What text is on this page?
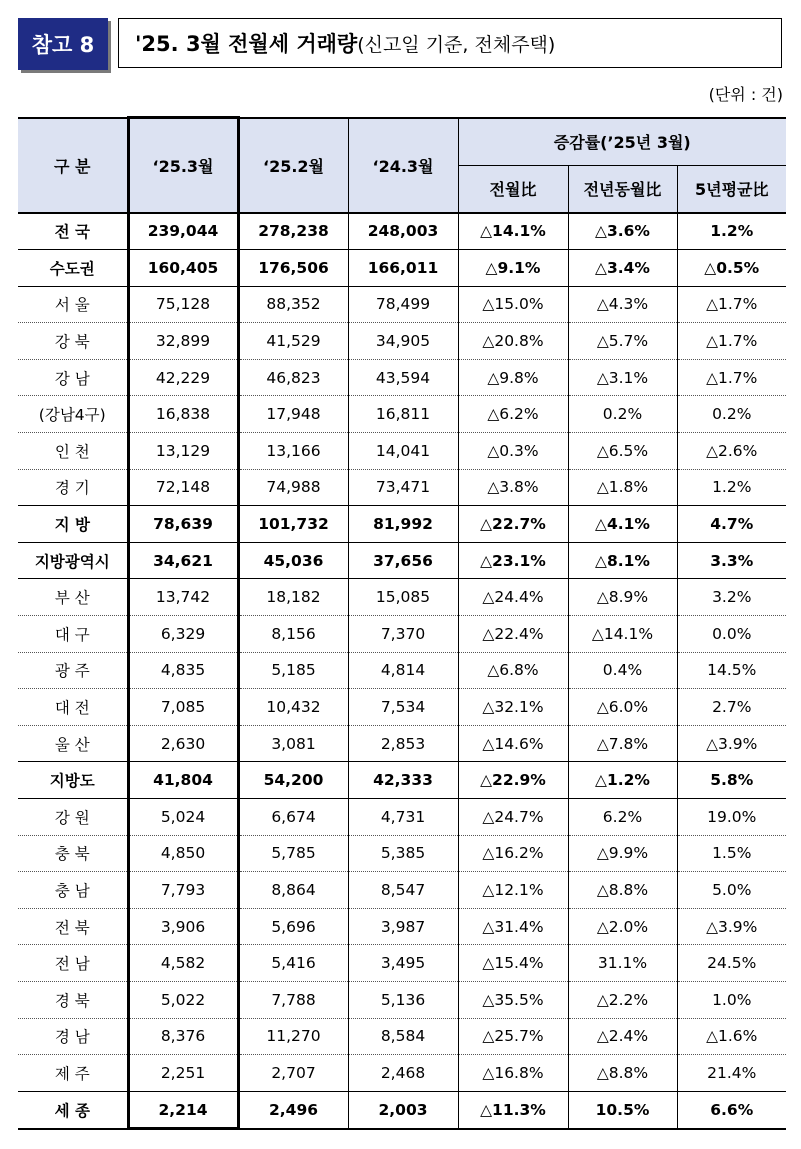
참고 8	'25. 3월 전월세 거래량 (신고일 기준, 전체주택)
(단위 : 건)
구 분	‘25.3월	‘25.2월	‘24.3월	증감률(’25년 3월)		
				전월比	전년동월比	5년평균比
전 국	239,044	278,238	248,003	△14.1%	△3.6%	1.2%
수도권	160,405	176,506	166,011	△9.1%	△3.4%	△0.5%
서 울	75,128	88,352	78,499	△15.0%	△4.3%	△1.7%
강 북	32,899	41,529	34,905	△20.8%	△5.7%	△1.7%
강 남	42,229	46,823	43,594	△9.8%	△3.1%	△1.7%
(강남4구)	16,838	17,948	16,811	△6.2%	0.2%	0.2%
인 천	13,129	13,166	14,041	△0.3%	△6.5%	△2.6%
경 기	72,148	74,988	73,471	△3.8%	△1.8%	1.2%
지 방	78,639	101,732	81,992	△22.7%	△4.1%	4.7%
지방광역시	34,621	45,036	37,656	△23.1%	△8.1%	3.3%
부 산	13,742	18,182	15,085	△24.4%	△8.9%	3.2%
대 구	6,329	8,156	7,370	△22.4%	△14.1%	0.0%
광 주	4,835	5,185	4,814	△6.8%	0.4%	14.5%
대 전	7,085	10,432	7,534	△32.1%	△6.0%	2.7%
울 산	2,630	3,081	2,853	△14.6%	△7.8%	△3.9%
지방도	41,804	54,200	42,333	△22.9%	△1.2%	5.8%
강 원	5,024	6,674	4,731	△24.7%	6.2%	19.0%
충 북	4,850	5,785	5,385	△16.2%	△9.9%	1.5%
충 남	7,793	8,864	8,547	△12.1%	△8.8%	5.0%
전 북	3,906	5,696	3,987	△31.4%	△2.0%	△3.9%
전 남	4,582	5,416	3,495	△15.4%	31.1%	24.5%
경 북	5,022	7,788	5,136	△35.5%	△2.2%	1.0%
경 남	8,376	11,270	8,584	△25.7%	△2.4%	△1.6%
제 주	2,251	2,707	2,468	△16.8%	△8.8%	21.4%
세 종	2,214	2,496	2,003	△11.3%	10.5%	6.6%
